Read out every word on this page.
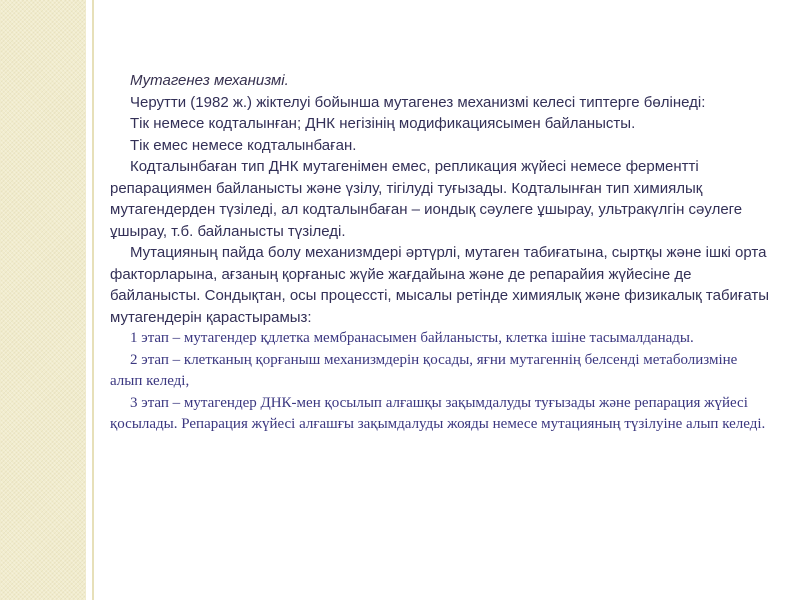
Мутагенез механизмі.
Черутти (1982 ж.) жіктелуі бойынша мутагенез механизмі келесі типтерге бөлінеді:
Тік немесе кодталынған; ДНК негізінің модификациясымен байланысты.
Тік емес немесе кодталынбаған.
Кодталынбаған тип ДНК мутагенімен емес, репликация жүйесі немесе ферментті репарациямен байланысты және үзілу, тігілуді туғызады. Кодталынған тип химиялық мутагендерден түзіледі, ал кодталынбаған – иондық сәулеге ұшырау, ультракүлгін сәулеге ұшырау, т.б. байланысты түзіледі.
Мутацияның пайда болу механизмдері әртүрлі, мутаген табиғатына, сыртқы және ішкі орта факторларына, ағзаның қорғаныс жүйе жағдайына және де репарайия жүйесіне де байланысты. Сондықтан, осы процессті, мысалы ретінде химиялық және физикалық табиғаты мутагендерін қарастырамыз:
1 этап – мутагендер қдлетка мембранасымен байланысты, клетка ішіне тасымалданады.
2 этап – клетканың қорғаныш механизмдерін қосады, яғни мутагеннің белсенді метаболизміне алып келеді,
3 этап – мутагендер ДНК-мен қосылып алғашқы зақымдалуды туғызады және репарация жүйесі қосылады. Репарация жүйесі алғашғы зақымдалуды жояды немесе мутацияның түзілуіне алып келеді.
